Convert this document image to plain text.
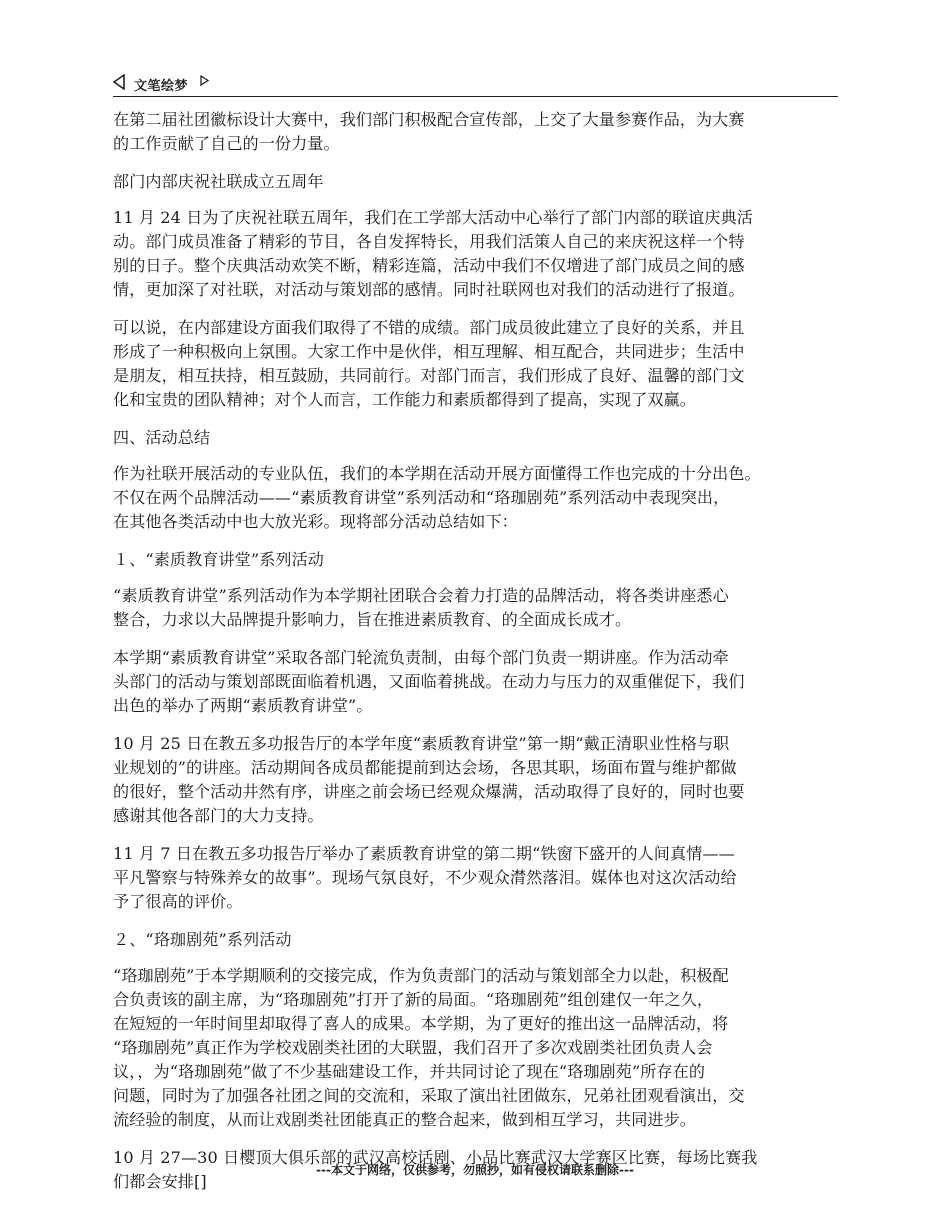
文笔绘梦
在第二届社团徽标设计大赛中，我们部门积极配合宣传部，上交了大量参赛作品，为大赛
的工作贡献了自己的一份力量。
部门内部庆祝社联成立五周年
11 月 24 日为了庆祝社联五周年，我们在工学部大活动中心举行了部门内部的联谊庆典活
动。部门成员准备了精彩的节目，各自发挥特长，用我们活策人自己的来庆祝这样一个特
别的日子。整个庆典活动欢笑不断，精彩连篇，活动中我们不仅增进了部门成员之间的感
情，更加深了对社联，对活动与策划部的感情。同时社联网也对我们的活动进行了报道。
可以说，在内部建设方面我们取得了不错的成绩。部门成员彼此建立了良好的关系，并且
形成了一种积极向上氛围。大家工作中是伙伴，相互理解、相互配合，共同进步；生活中
是朋友，相互扶持，相互鼓励，共同前行。对部门而言，我们形成了良好、温馨的部门文
化和宝贵的团队精神；对个人而言，工作能力和素质都得到了提高，实现了双赢。
四、活动总结
作为社联开展活动的专业队伍，我们的本学期在活动开展方面懂得工作也完成的十分出色。
不仅在两个品牌活动——“素质教育讲堂”系列活动和“珞珈剧苑”系列活动中表现突出，
在其他各类活动中也大放光彩。现将部分活动总结如下：
１、“素质教育讲堂”系列活动
“素质教育讲堂”系列活动作为本学期社团联合会着力打造的品牌活动，将各类讲座悉心
整合，力求以大品牌提升影响力，旨在推进素质教育、的全面成长成才。
本学期“素质教育讲堂”采取各部门轮流负责制，由每个部门负责一期讲座。作为活动牵
头部门的活动与策划部既面临着机遇，又面临着挑战。在动力与压力的双重催促下，我们
出色的举办了两期“素质教育讲堂”。
10 月 25 日在教五多功报告厅的本学年度“素质教育讲堂”第一期“戴正清职业性格与职
业规划的”的讲座。活动期间各成员都能提前到达会场，各思其职，场面布置与维护都做
的很好，整个活动井然有序，讲座之前会场已经观众爆满，活动取得了良好的，同时也要
感谢其他各部门的大力支持。
11 月 7 日在教五多功报告厅举办了素质教育讲堂的第二期“铁窗下盛开的人间真情——
平凡警察与特殊养女的故事”。现场气氛良好，不少观众潸然落泪。媒体也对这次活动给
予了很高的评价。
２、“珞珈剧苑”系列活动
“珞珈剧苑”于本学期顺利的交接完成，作为负责部门的活动与策划部全力以赴，积极配
合负责该的副主席，为“珞珈剧苑”打开了新的局面。“珞珈剧苑”组创建仅一年之久，
在短短的一年时间里却取得了喜人的成果。本学期，为了更好的推出这一品牌活动，将
“珞珈剧苑”真正作为学校戏剧类社团的大联盟，我们召开了多次戏剧类社团负责人会
议，，为“珞珈剧苑”做了不少基础建设工作，并共同讨论了现在“珞珈剧苑”所存在的
问题，同时为了加强各社团之间的交流和，采取了演出社团做东，兄弟社团观看演出，交
流经验的制度，从而让戏剧类社团能真正的整合起来，做到相互学习，共同进步。
10 月 27—30 日樱顶大俱乐部的武汉高校话剧、小品比赛武汉大学赛区比赛，每场比赛我
们都会安排[]
---本文于网络，仅供参考，勿照抄，如有侵权请联系删除---
